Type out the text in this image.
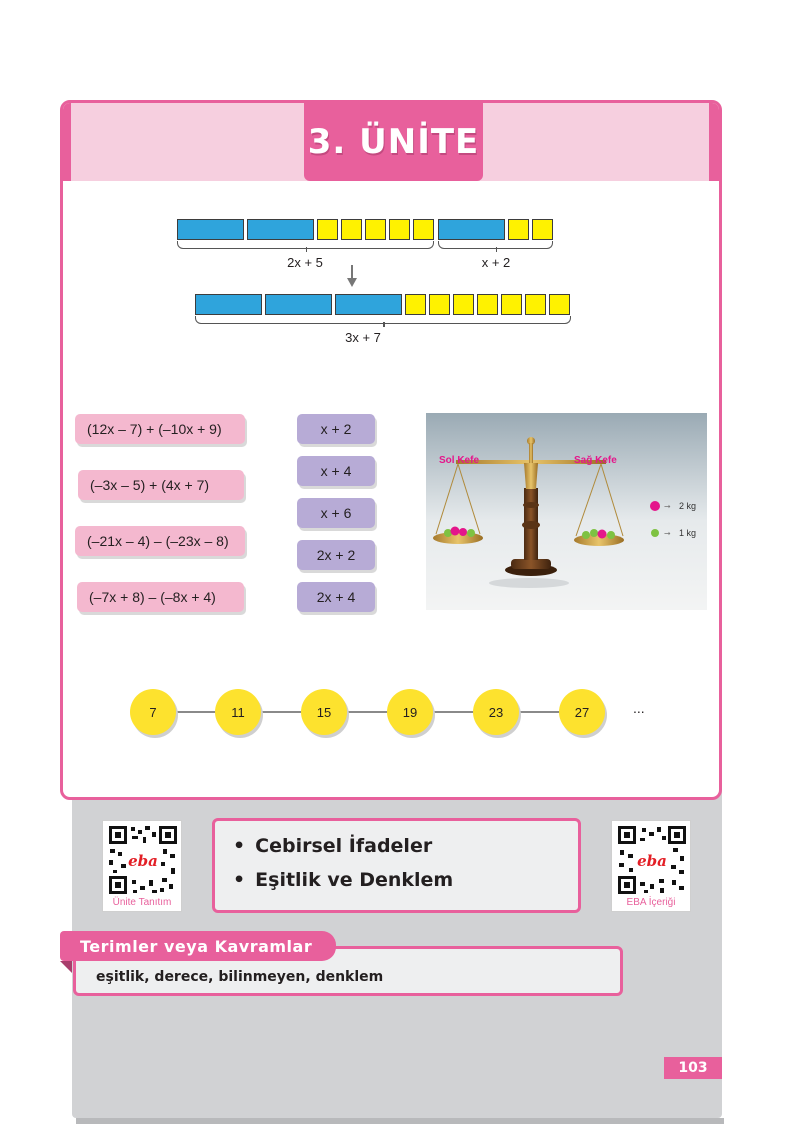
3. ÜNİTE
2x + 5	x + 2
3x + 7
(12x – 7) + (–10x + 9)
(–3x – 5) + (4x + 7)
(–21x – 4) – (–23x – 8)
(–7x + 8) – (–8x + 4)
x + 2
x + 4
x + 6
2x + 2
2x + 4
Sol Kefe	Sağ Kefe
➞ 2 kg
➞ 1 kg
7	11	15	19	23	27	...
eba
Ünite Tanıtım
• Cebirsel İfadeler
• Eşitlik ve Denklem
eba
EBA İçeriği
Terimler veya Kavramlar
eşitlik, derece, bilinmeyen, denklem
103
